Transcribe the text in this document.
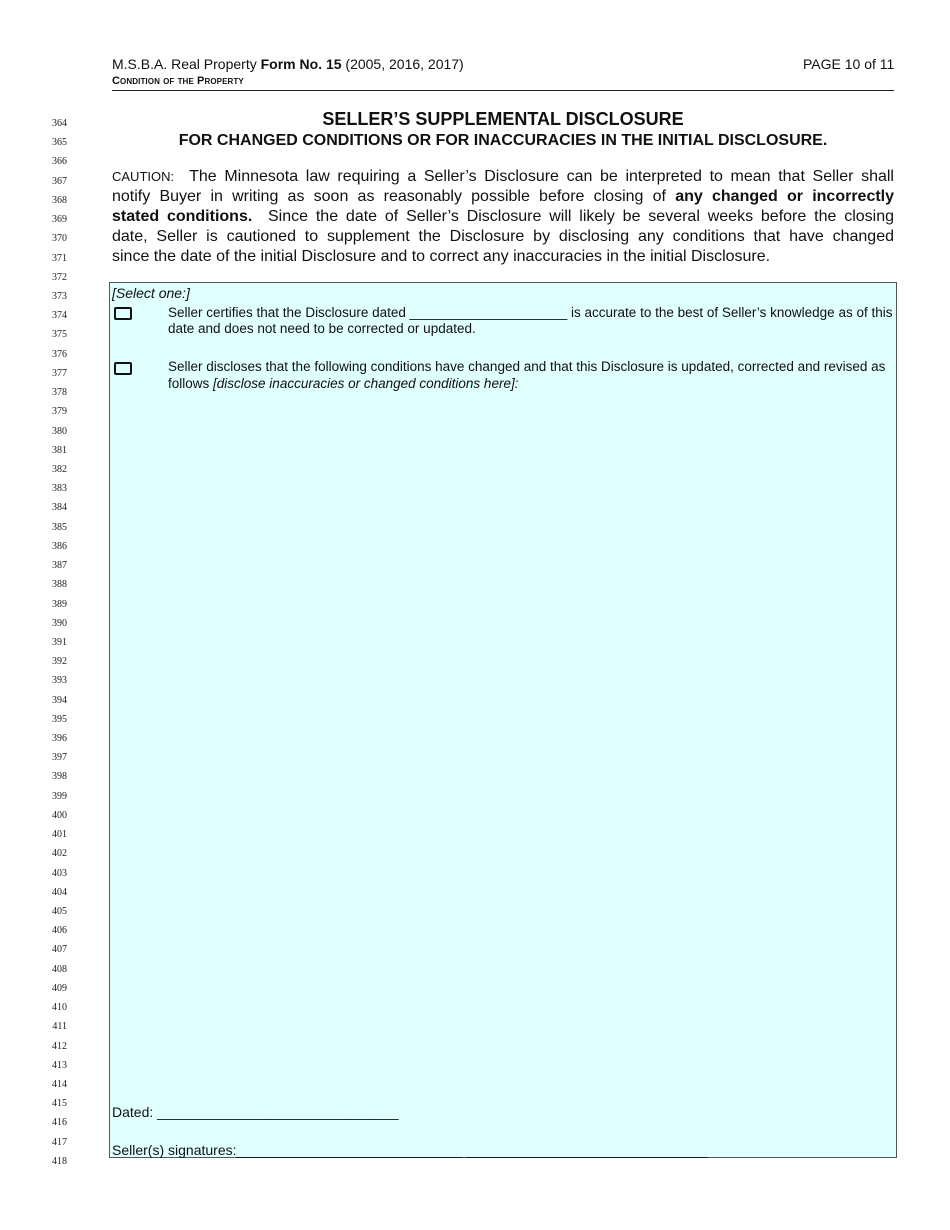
M.S.B.A. Real Property Form No. 15 (2005, 2016, 2017)	PAGE 10 of 11
Condition of the Property
364
365
366
367
368
369
370
371
372
373
374
375
376
377
378
379
380
381
382
383
384
385
386
387
388
389
390
391
392
393
394
395
396
397
398
399
400
401
402
403
404
405
406
407
408
409
410
411
412
413
414
415
416
417
418
SELLER’S SUPPLEMENTAL DISCLOSURE
FOR CHANGED CONDITIONS OR FOR INACCURACIES IN THE INITIAL DISCLOSURE.
CAUTION: The Minnesota law requiring a Seller’s Disclosure can be interpreted to mean that Seller shall
notify Buyer in writing as soon as reasonably possible before closing of any changed or incorrectly
stated conditions. Since the date of Seller’s Disclosure will likely be several weeks before the closing
date, Seller is cautioned to supplement the Disclosure by disclosing any conditions that have changed
since the date of the initial Disclosure and to correct any inaccuracies in the initial Disclosure.
[Select one:]
Seller certifies that the Disclosure dated _____________________ is accurate to the best of Seller’s knowledge as of this
date and does not need to be corrected or updated.
Seller discloses that the following conditions have changed and that this Disclosure is updated, corrected and revised as
follows [disclose inaccuracies or changed conditions here]:
Dated: _______________________________
Seller(s) signatures:_____________________________ _______________________________
